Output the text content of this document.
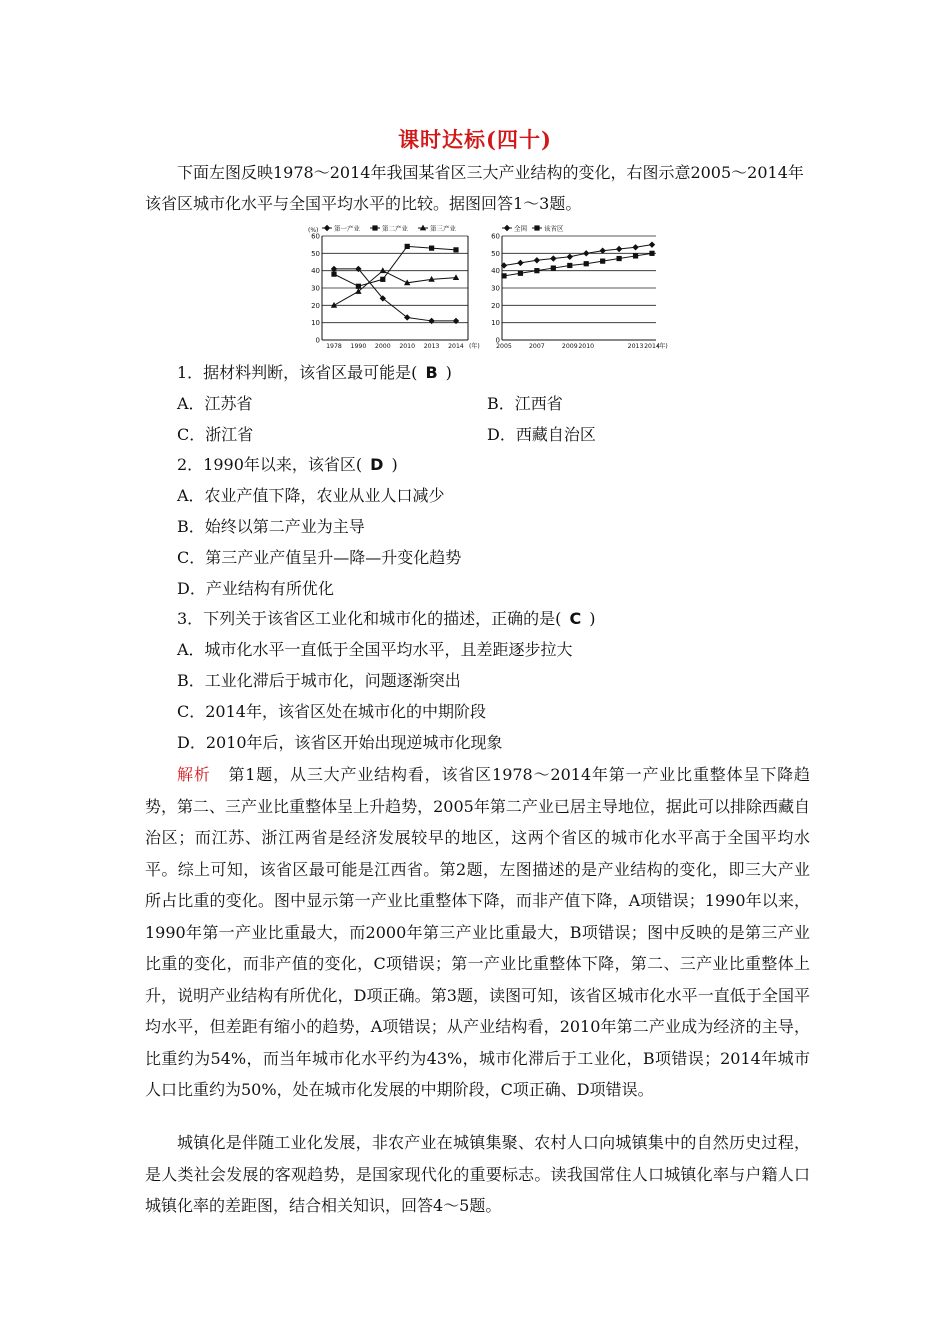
课时达标(四十)
下面左图反映1978～2014年我国某省区三大产业结构的变化，右图示意2005～2014年该省区城市化水平与全国平均水平的比较。据图回答1～3题。
0
10
20
30
40
50
60
1978 1990 2000 2010 2013 2014 (年)
(%) 第一产业	第二产业	第三产业
0
10
20
30
40
50
60
2005	2007	2009 2010	2013 2014
(年)
全国	该省区
1．据材料判断，该省区最可能是( B )
A．江苏省	B．江西省
C．浙江省	D．西藏自治区
2．1990年以来，该省区( D )
A．农业产值下降，农业从业人口减少
B．始终以第二产业为主导
C．第三产业产值呈升—降—升变化趋势
D．产业结构有所优化
3．下列关于该省区工业化和城市化的描述，正确的是( C )
A．城市化水平一直低于全国平均水平，且差距逐步拉大
B．工业化滞后于城市化，问题逐渐突出
C．2014年，该省区处在城市化的中期阶段
D．2010年后，该省区开始出现逆城市化现象
解析 第1题，从三大产业结构看，该省区1978～2014年第一产业比重整体呈下降趋势，第二、三产业比重整体呈上升趋势，2005年第二产业已居主导地位，据此可以排除西藏自治区；而江苏、浙江两省是经济发展较早的地区，这两个省区的城市化水平高于全国平均水平。综上可知，该省区最可能是江西省。第2题，左图描述的是产业结构的变化，即三大产业所占比重的变化。图中显示第一产业比重整体下降，而非产值下降，A项错误；1990年以来，1990年第一产业比重最大，而2000年第三产业比重最大，B项错误；图中反映的是第三产业比重的变化，而非产值的变化，C项错误；第一产业比重整体下降，第二、三产业比重整体上升，说明产业结构有所优化，D项正确。第3题，读图可知，该省区城市化水平一直低于全国平均水平，但差距有缩小的趋势，A项错误；从产业结构看，2010年第二产业成为经济的主导，比重约为54%，而当年城市化水平约为43%，城市化滞后于工业化，B项错误；2014年城市人口比重约为50%，处在城市化发展的中期阶段，C项正确、D项错误。
城镇化是伴随工业化发展，非农产业在城镇集聚、农村人口向城镇集中的自然历史过程，是人类社会发展的客观趋势，是国家现代化的重要标志。读我国常住人口城镇化率与户籍人口城镇化率的差距图，结合相关知识，回答4～5题。
